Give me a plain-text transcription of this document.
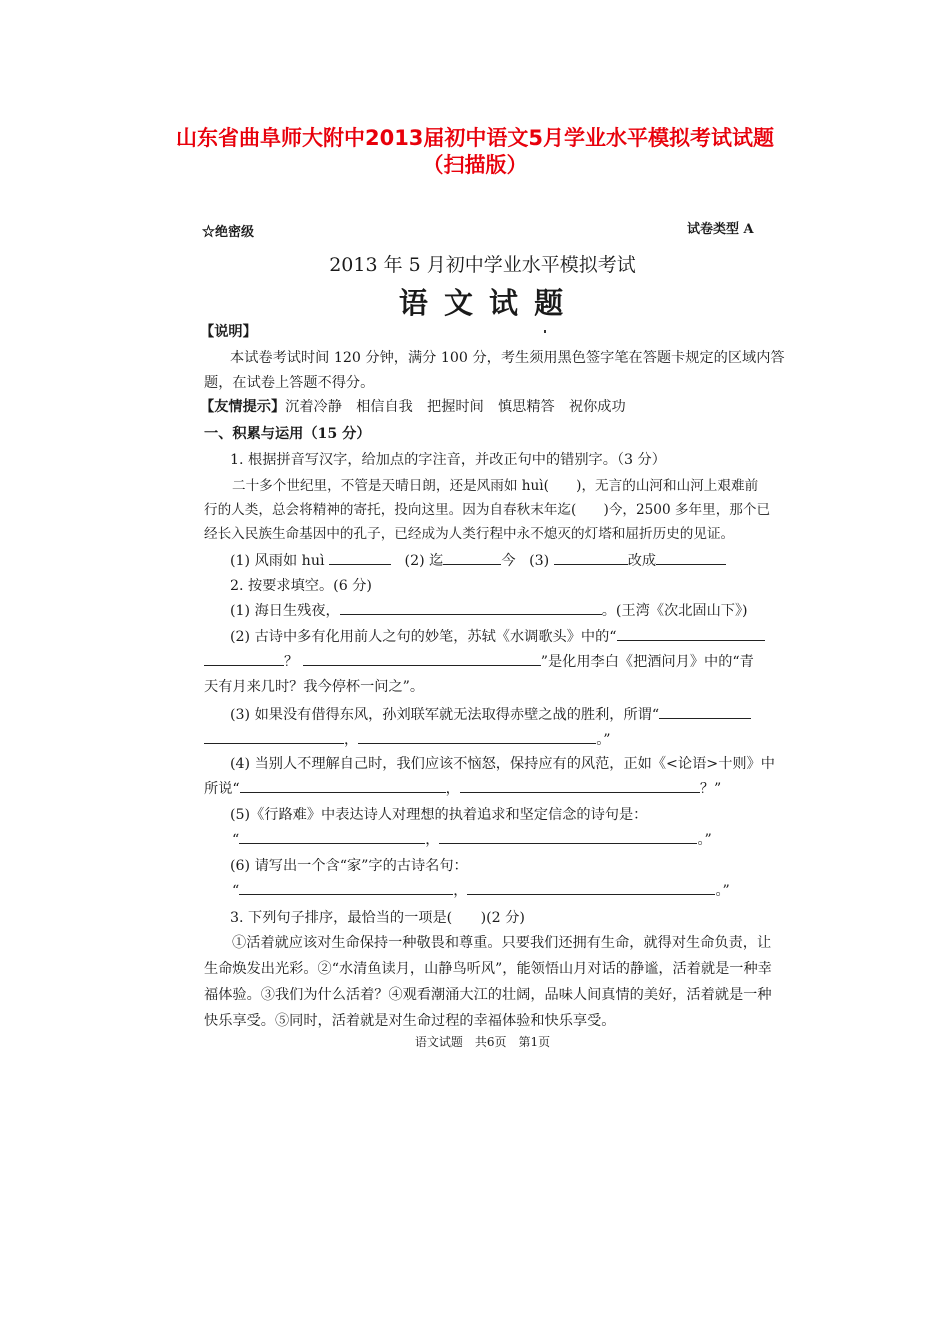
山东省曲阜师大附中2013届初中语文5月学业水平模拟考试试题
（扫描版）
☆绝密级	试卷类型 A
2013 年 5 月初中学业水平模拟考试
语 文 试 题
【说明】
本试卷考试时间 120 分钟，满分 100 分，考生须用黑色签字笔在答题卡规定的区域内答
题，在试卷上答题不得分。
【友情提示】沉着冷静　相信自我　把握时间　慎思精答　祝你成功
一、积累与运用（15 分）
1. 根据拼音写汉字，给加点的字注音，并改正句中的错别字。（3 分）
二十多个世纪里，不管是天晴日朗，还是风雨如 huì(　　)，无言的山河和山河上艰难前
行的人类，总会将精神的寄托，投向这里。因为自春秋末年迄(　　)今，2500 多年里，那个已
经长入民族生命基因中的孔子，已经成为人类行程中永不熄灭的灯塔和屈折历史的见证。
(1) 风雨如 huì	(2) 迄	今 (3)	改成
2. 按要求填空。(6 分)
(1) 海日生残夜，	。(王湾《次北固山下》)
(2) 古诗中多有化用前人之句的妙笔，苏轼《水调歌头》中的“
？	”是化用李白《把酒问月》中的“青
天有月来几时？我今停杯一问之”。
(3) 如果没有借得东风，孙刘联军就无法取得赤壁之战的胜利，所谓“
，	。”
(4) 当别人不理解自己时，我们应该不恼怒，保持应有的风范，正如《<论语>十则》中
所说“	，	？”
(5)《行路难》中表达诗人对理想的执着追求和坚定信念的诗句是：
“	，	。”
(6) 请写出一个含“家”字的古诗名句：
“	，	。”
3. 下列句子排序，最恰当的一项是(　　)(2 分)
①活着就应该对生命保持一种敬畏和尊重。只要我们还拥有生命，就得对生命负责，让
生命焕发出光彩。②“水清鱼读月，山静鸟听风”，能领悟山月对话的静谧，活着就是一种幸
福体验。③我们为什么活着？④观看潮涌大江的壮阔，品味人间真情的美好，活着就是一种
快乐享受。⑤同时，活着就是对生命过程的幸福体验和快乐享受。
语文试题　共6页　第1页
